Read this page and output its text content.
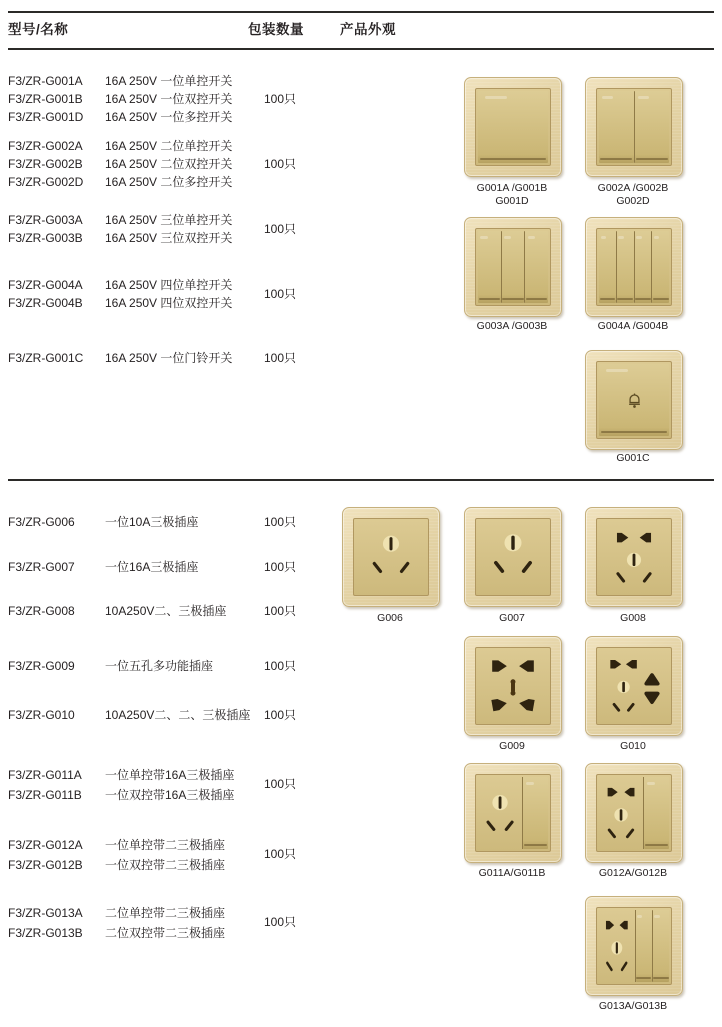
型号/名称	包装数量	产品外观
F3/ZR-G001A	16A 250V 一位单控开关
F3/ZR-G001B	16A 250V 一位双控开关
F3/ZR-G001D	16A 250V 一位多控开关
100只
F3/ZR-G002A	16A 250V 二位单控开关
F3/ZR-G002B	16A 250V 二位双控开关
F3/ZR-G002D	16A 250V 二位多控开关
100只
F3/ZR-G003A	16A 250V 三位单控开关
F3/ZR-G003B	16A 250V 三位双控开关
100只
F3/ZR-G004A	16A 250V 四位单控开关
F3/ZR-G004B	16A 250V 四位双控开关
100只
F3/ZR-G001C	16A 250V 一位门铃开关	100只
F3/ZR-G006	一位10A三极插座	100只
F3/ZR-G007	一位16A三极插座	100只
F3/ZR-G008	10A250V二、三极插座	100只
F3/ZR-G009	一位五孔多功能插座	100只
F3/ZR-G010	10A250V二、二、三极插座	100只
F3/ZR-G011A	一位单控带16A三极插座
F3/ZR-G011B	一位双控带16A三极插座
100只
F3/ZR-G012A	一位单控带二三极插座
F3/ZR-G012B	一位双控带二三极插座
100只
F3/ZR-G013A	二位单控带二三极插座
F3/ZR-G013B	二位双控带二三极插座
100只
G001A /G001B
G001D
G002A /G002B
G002D
G003A /G003B	G004A /G004B
G001C
G006	G007	G008
G009	G010
G011A/G011B	G012A/G012B
G013A/G013B
